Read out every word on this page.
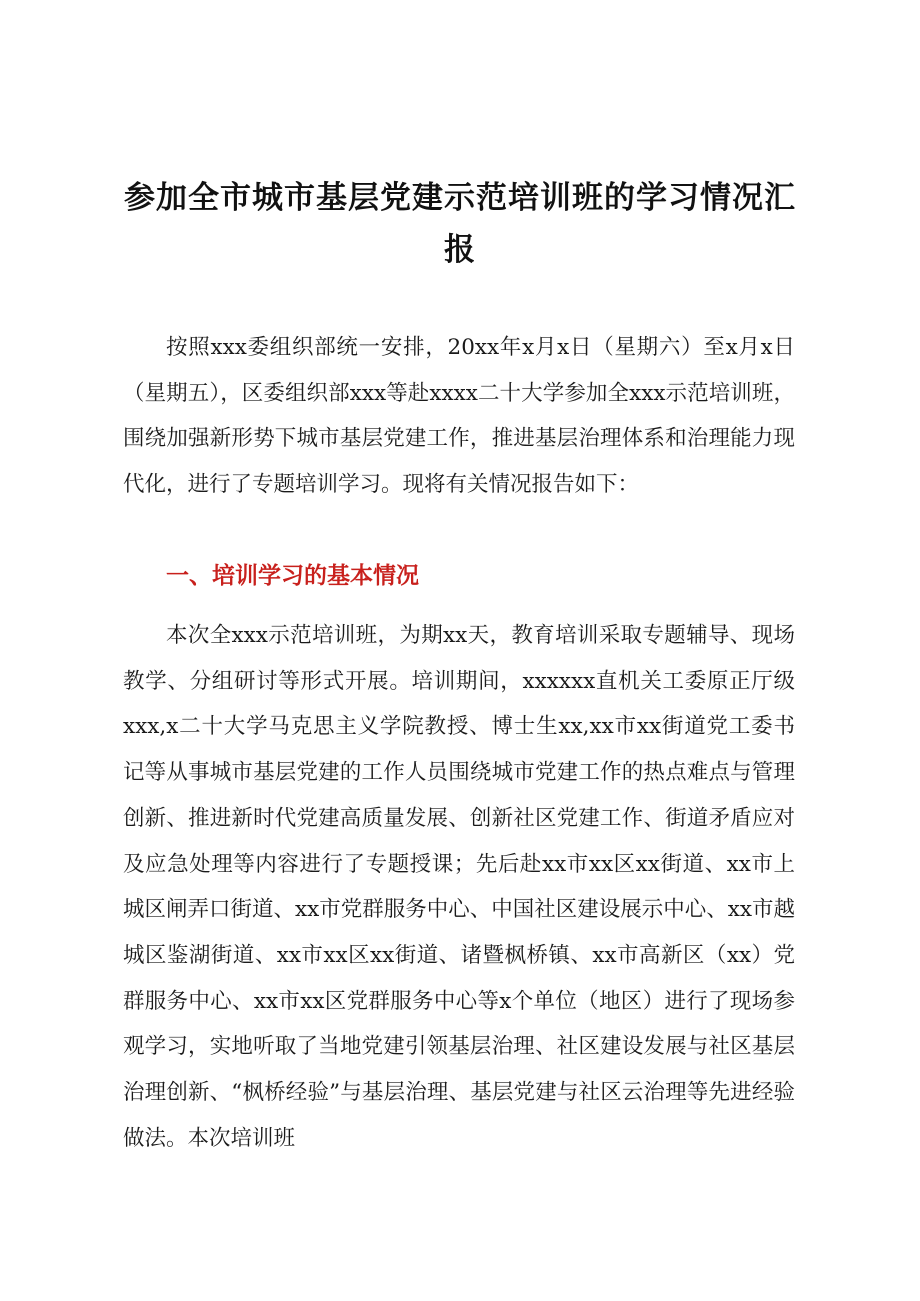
参加全市城市基层党建示范培训班的学习情况汇报

按照xxx委组织部统一安排，20xx年x月x日（星期六）至x月x日（星期五），区委组织部xxx等赴xxxx二十大学参加全xxx示范培训班，围绕加强新形势下城市基层党建工作，推进基层治理体系和治理能力现代化，进行了专题培训学习。现将有关情况报告如下：

一、培训学习的基本情况

本次全xxx示范培训班，为期xx天，教育培训采取专题辅导、现场教学、分组研讨等形式开展。培训期间，xxxxxx直机关工委原正厅级xxx,x二十大学马克思主义学院教授、博士生xx,xx市xx街道党工委书记等从事城市基层党建的工作人员围绕城市党建工作的热点难点与管理创新、推进新时代党建高质量发展、创新社区党建工作、街道矛盾应对及应急处理等内容进行了专题授课；先后赴xx市xx区xx街道、xx市上城区闸弄口街道、xx市党群服务中心、中国社区建设展示中心、xx市越城区鉴湖街道、xx市xx区xx街道、诸暨枫桥镇、xx市高新区（xx）党群服务中心、xx市xx区党群服务中心等x个单位（地区）进行了现场参观学习，实地听取了当地党建引领基层治理、社区建设发展与社区基层治理创新、“枫桥经验”与基层治理、基层党建与社区云治理等先进经验做法。本次培训班
